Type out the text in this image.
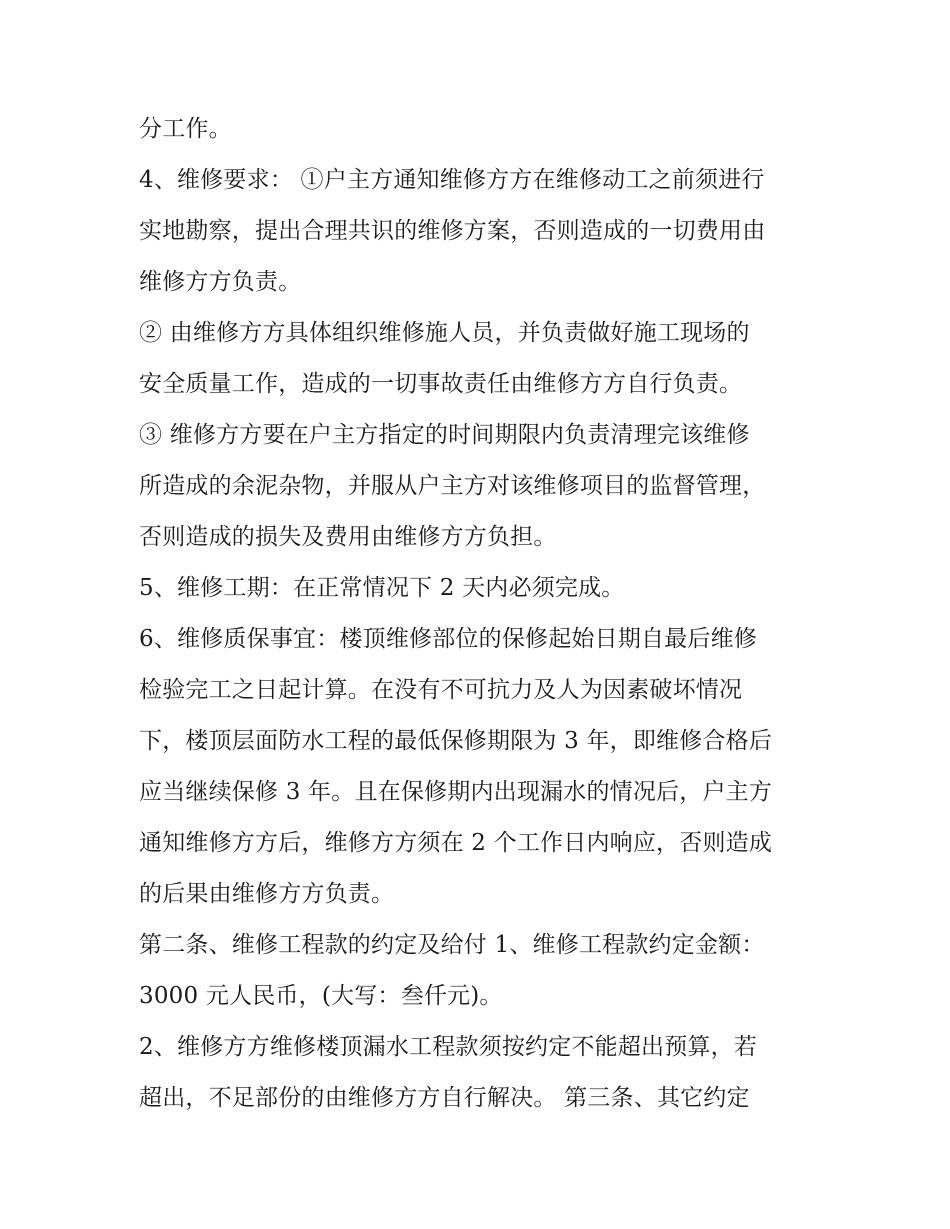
分工作。
4、维修要求： ①户主方通知维修方方在维修动工之前须进行
实地勘察，提出合理共识的维修方案，否则造成的一切费用由
维修方方负责。
② 由维修方方具体组织维修施人员，并负责做好施工现场的
安全质量工作，造成的一切事故责任由维修方方自行负责。
③ 维修方方要在户主方指定的时间期限内负责清理完该维修
所造成的余泥杂物，并服从户主方对该维修项目的监督管理，
否则造成的损失及费用由维修方方负担。
5、维修工期：在正常情况下 2 天内必须完成。
6、维修质保事宜：楼顶维修部位的保修起始日期自最后维修
检验完工之日起计算。在没有不可抗力及人为因素破坏情况
下，楼顶层面防水工程的最低保修期限为 3 年，即维修合格后
应当继续保修 3 年。且在保修期内出现漏水的情况后，户主方
通知维修方方后，维修方方须在 2 个工作日内响应，否则造成
的后果由维修方方负责。
第二条、维修工程款的约定及给付 1、维修工程款约定金额：
3000 元人民币，(大写：叁仟元)。
2、维修方方维修楼顶漏水工程款须按约定不能超出预算，若
超出，不足部份的由维修方方自行解决。 第三条、其它约定
